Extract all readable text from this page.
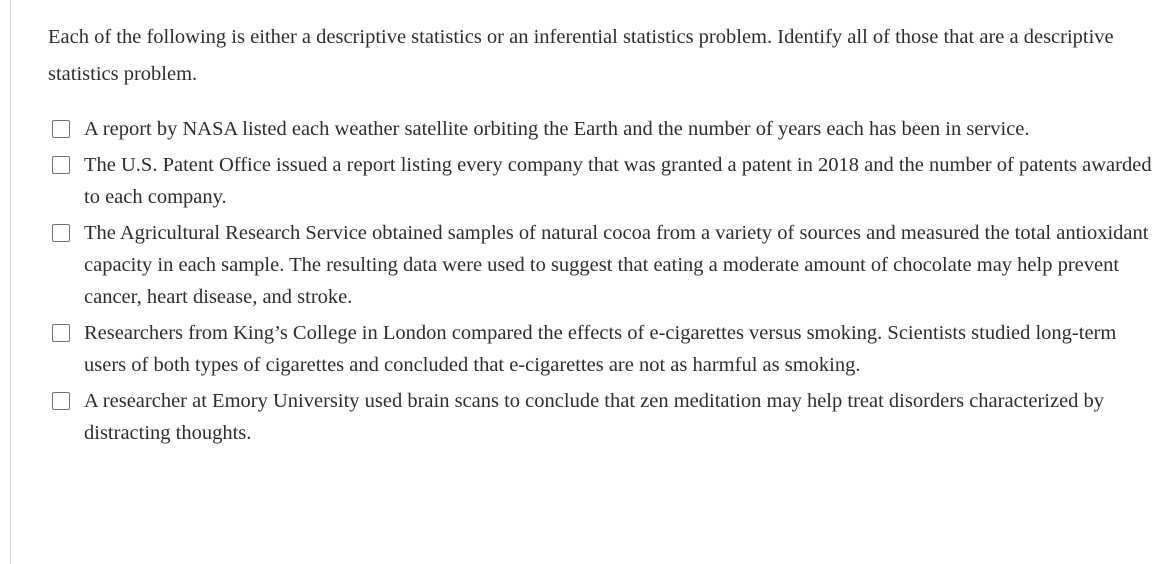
Each of the following is either a descriptive statistics or an inferential statistics problem. Identify all of those that are a descriptive statistics problem.

A report by NASA listed each weather satellite orbiting the Earth and the number of years each has been in service.
The U.S. Patent Office issued a report listing every company that was granted a patent in 2018 and the number of patents awarded to each company.
The Agricultural Research Service obtained samples of natural cocoa from a variety of sources and measured the total antioxidant capacity in each sample. The resulting data were used to suggest that eating a moderate amount of chocolate may help prevent cancer, heart disease, and stroke.
Researchers from King’s College in London compared the effects of e-cigarettes versus smoking. Scientists studied long-term users of both types of cigarettes and concluded that e-cigarettes are not as harmful as smoking.
A researcher at Emory University used brain scans to conclude that zen meditation may help treat disorders characterized by distracting thoughts.
